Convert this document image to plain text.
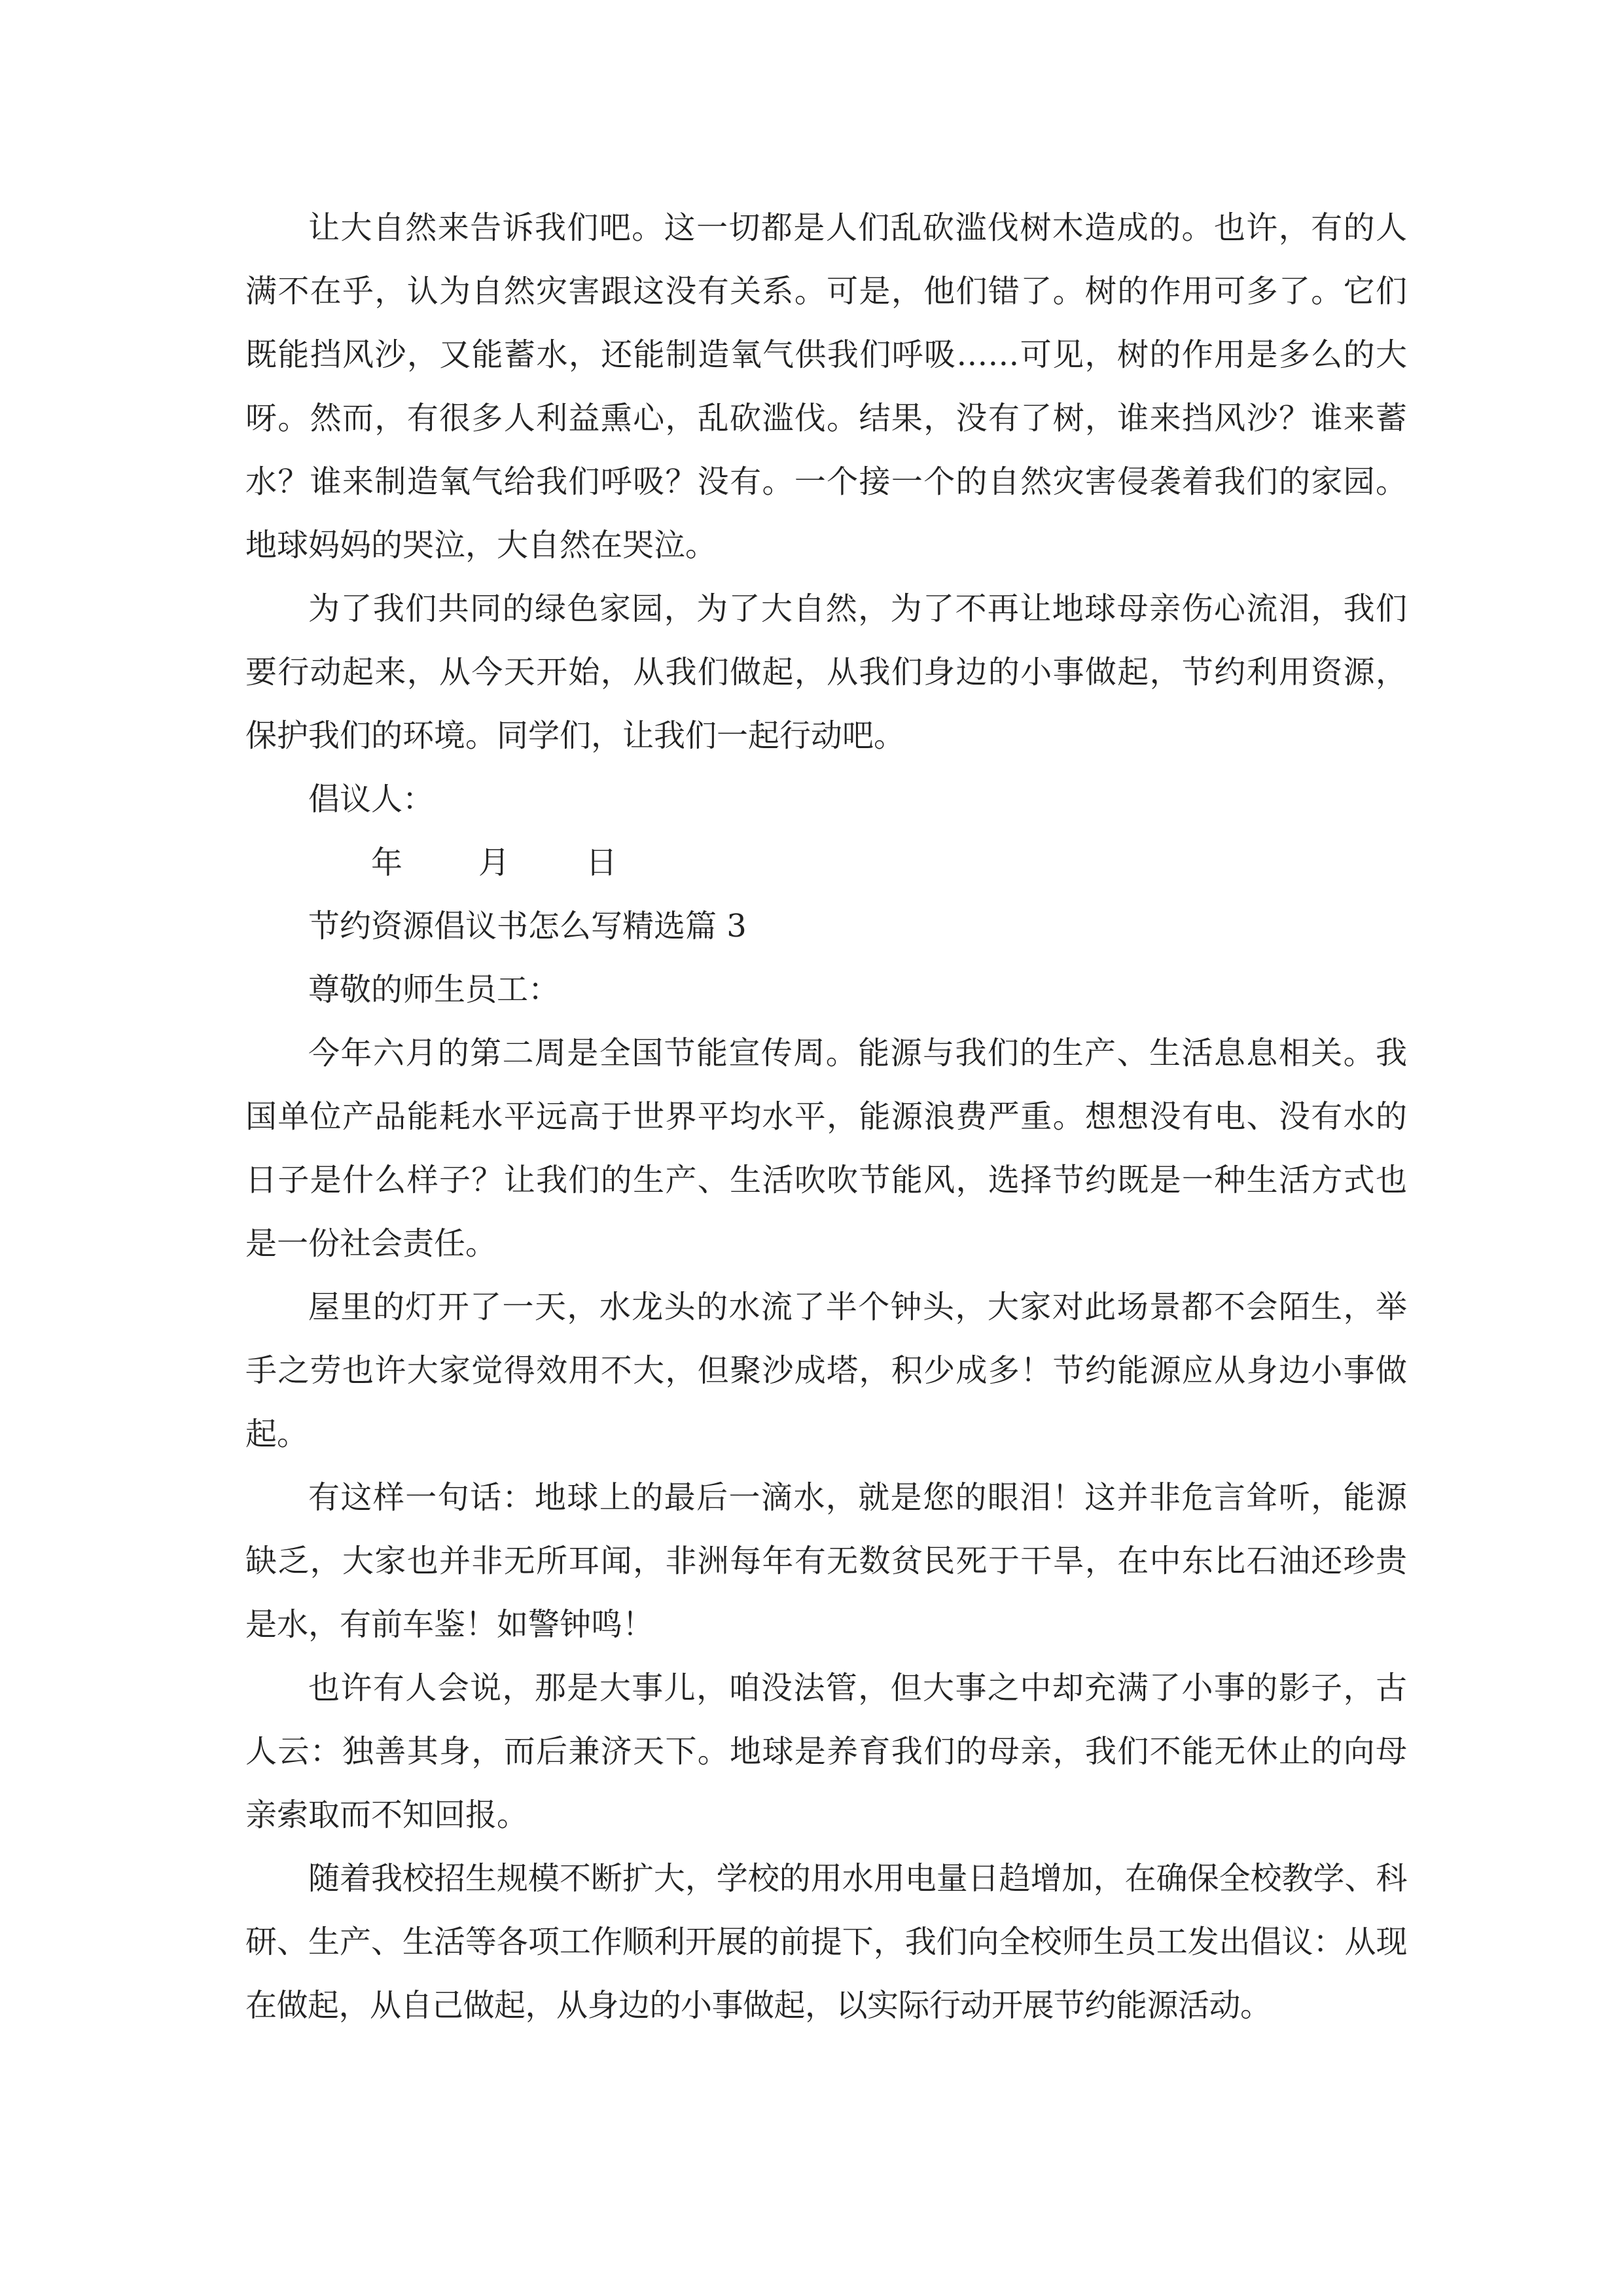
让大自然来告诉我们吧。这一切都是人们乱砍滥伐树木造成的。也许，有的人满不在乎，认为自然灾害跟这没有关系。可是，他们错了。树的作用可多了。它们既能挡风沙，又能蓄水，还能制造氧气供我们呼吸……可见，树的作用是多么的大呀。然而，有很多人利益熏心，乱砍滥伐。结果，没有了树，谁来挡风沙？谁来蓄水？谁来制造氧气给我们呼吸？没有。一个接一个的自然灾害侵袭着我们的家园。地球妈妈的哭泣，大自然在哭泣。

为了我们共同的绿色家园，为了大自然，为了不再让地球母亲伤心流泪，我们要行动起来，从今天开始，从我们做起，从我们身边的小事做起，节约利用资源，保护我们的环境。同学们，让我们一起行动吧。

倡议人：

年 月 日

节约资源倡议书怎么写精选篇 3

尊敬的师生员工：

今年六月的第二周是全国节能宣传周。能源与我们的生产、生活息息相关。我国单位产品能耗水平远高于世界平均水平，能源浪费严重。想想没有电、没有水的日子是什么样子？让我们的生产、生活吹吹节能风，选择节约既是一种生活方式也是一份社会责任。

屋里的灯开了一天，水龙头的水流了半个钟头，大家对此场景都不会陌生，举手之劳也许大家觉得效用不大，但聚沙成塔，积少成多！节约能源应从身边小事做起。

有这样一句话：地球上的最后一滴水，就是您的眼泪！这并非危言耸听，能源缺乏，大家也并非无所耳闻，非洲每年有无数贫民死于干旱，在中东比石油还珍贵是水，有前车鉴！如警钟鸣！

也许有人会说，那是大事儿，咱没法管，但大事之中却充满了小事的影子，古人云：独善其身，而后兼济天下。地球是养育我们的母亲，我们不能无休止的向母亲索取而不知回报。

随着我校招生规模不断扩大，学校的用水用电量日趋增加，在确保全校教学、科研、生产、生活等各项工作顺利开展的前提下，我们向全校师生员工发出倡议：从现在做起，从自己做起，从身边的小事做起，以实际行动开展节约能源活动。
